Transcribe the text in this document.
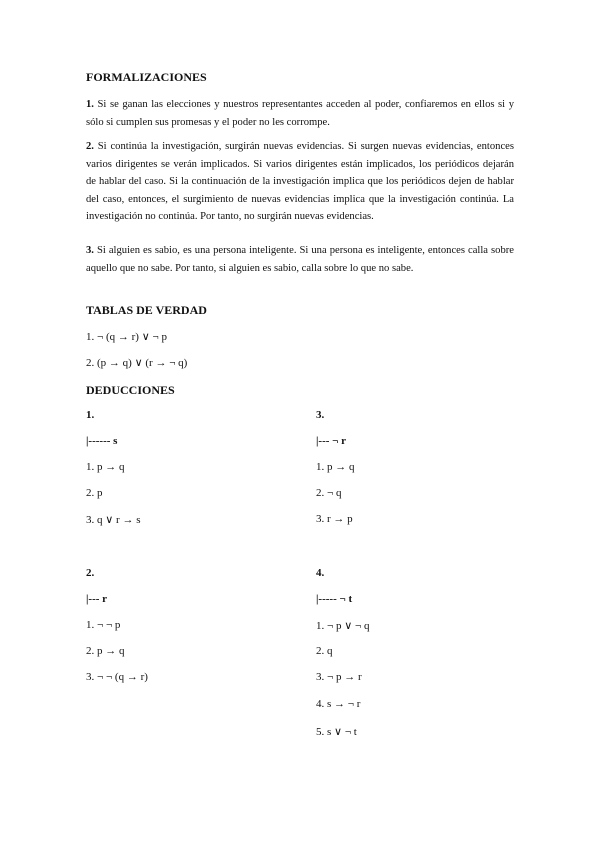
FORMALIZACIONES
1. Si se ganan las elecciones y nuestros representantes acceden al poder, confiaremos en ellos si y sólo si cumplen sus promesas y el poder no les corrompe.
2. Si continúa la investigación, surgirán nuevas evidencias. Si surgen nuevas evidencias, entonces varios dirigentes se verán implicados. Si varios dirigentes están implicados, los periódicos dejarán de hablar del caso. Si la continuación de la investigación implica que los periódicos dejen de hablar del caso, entonces, el surgimiento de nuevas evidencias implica que la investigación continúa. La investigación no continúa. Por tanto, no surgirán nuevas evidencias.
3. Si alguien es sabio, es una persona inteligente. Si una persona es inteligente, entonces calla sobre aquello que no sabe. Por tanto, si alguien es sabio, calla sobre lo que no sabe.
TABLAS DE VERDAD
1. ¬ (q → r) ∨ ¬ p
2. (p → q) ∨ (r → ¬ q)
DEDUCCIONES
1.
|------ s
1. p → q
2. p
3. q ∨ r → s
3.
|--- ¬ r
1. p → q
2. ¬ q
3. r → p
2.
|--- r
1. ¬ ¬ p
2. p → q
3. ¬ ¬ (q → r)
4.
|----- ¬ t
1. ¬ p ∨ ¬ q
2. q
3. ¬ p → r
4. s → ¬ r
5. s ∨ ¬ t
